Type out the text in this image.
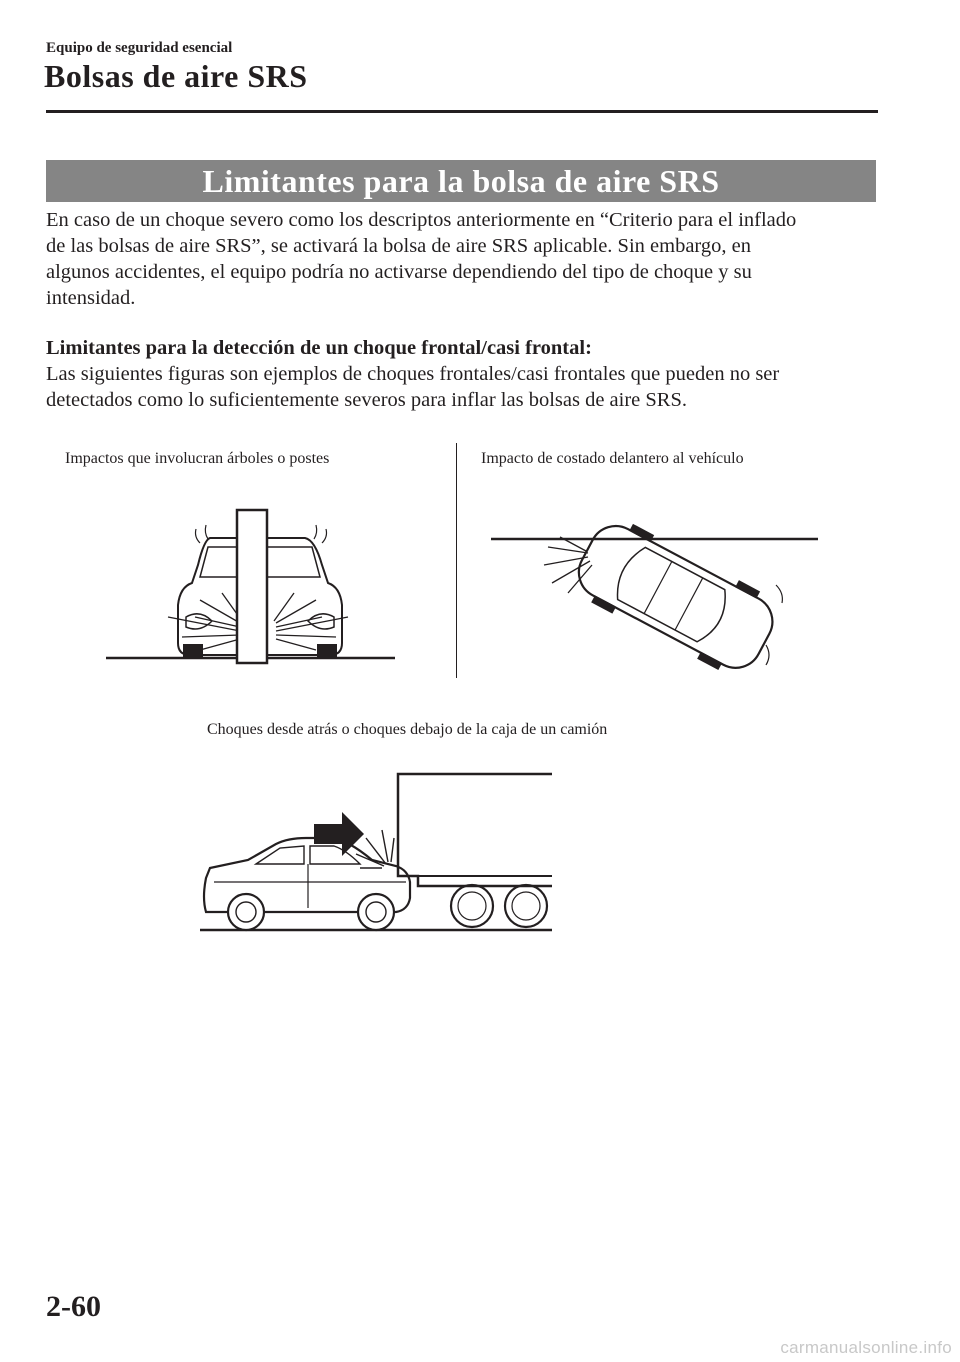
Equipo de seguridad esencial
Bolsas de aire SRS
Limitantes para la bolsa de aire SRS
En caso de un choque severo como los descriptos anteriormente en “Criterio para el inflado
de las bolsas de aire SRS”, se activará la bolsa de aire SRS aplicable. Sin embargo, en
algunos accidentes, el equipo podría no activarse dependiendo del tipo de choque y su
intensidad.
Limitantes para la detección de un choque frontal/casi frontal:
Las siguientes figuras son ejemplos de choques frontales/casi frontales que pueden no ser
detectados como lo suficientemente severos para inflar las bolsas de aire SRS.
Impactos que involucran árboles o postes	Impacto de costado delantero al vehículo
Choques desde atrás o choques debajo de la caja de un camión
2-60
carmanualsonline.info
